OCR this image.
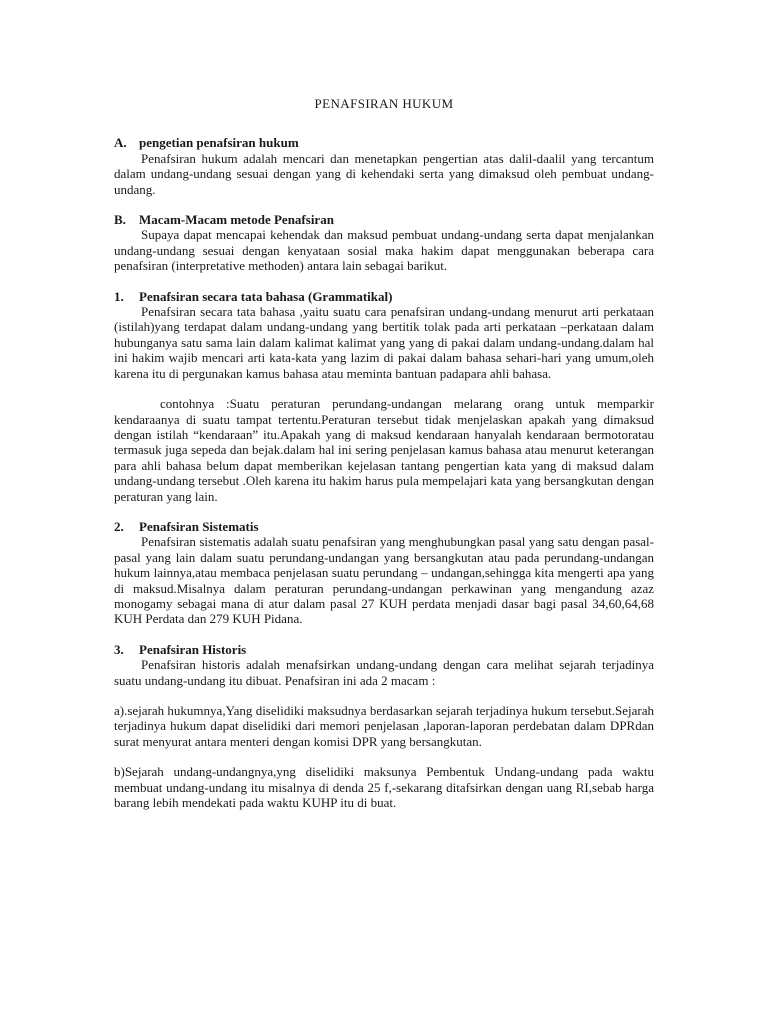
PENAFSIRAN HUKUM
A. pengetian penafsiran hukum

Penafsiran hukum adalah mencari dan menetapkan pengertian atas dalil-daalil yang tercantum dalam undang-undang sesuai dengan yang di kehendaki serta yang dimaksud oleh pembuat undang-undang.

B.	Macam-Macam metode Penafsiran

Supaya dapat mencapai kehendak dan maksud pembuat undang-undang serta dapat menjalankan undang-undang sesuai dengan kenyataan sosial maka hakim dapat menggunakan beberapa cara penafsiran (interpretative methoden) antara lain sebagai barikut.

1.	Penafsiran secara tata bahasa (Grammatikal)

Penafsiran secara tata bahasa ,yaitu suatu cara penafsiran undang-undang menurut arti perkataan (istilah)yang terdapat dalam undang-undang yang bertitik tolak pada arti perkataan –perkataan dalam hubunganya satu sama lain dalam kalimat kalimat yang yang di pakai dalam undang-undang.dalam hal ini hakim wajib mencari arti kata-kata yang lazim di pakai dalam bahasa sehari-hari yang umum,oleh karena itu di pergunakan kamus bahasa atau meminta bantuan padapara ahli bahasa.

contohnya :Suatu peraturan perundang-undangan melarang orang untuk memparkir kendaraanya di suatu tampat tertentu.Peraturan tersebut tidak menjelaskan apakah yang dimaksud dengan istilah “kendaraan” itu.Apakah yang di maksud kendaraan hanyalah kendaraan bermotoratau termasuk juga sepeda dan bejak.dalam hal ini sering penjelasan kamus bahasa atau menurut keterangan para ahli bahasa belum dapat memberikan kejelasan tantang pengertian kata yang di maksud dalam undang-undang tersebut .Oleh karena itu hakim harus pula mempelajari kata yang bersangkutan dengan peraturan yang lain.

2.	Penafsiran Sistematis

Penafsiran sistematis adalah suatu penafsiran yang menghubungkan pasal yang satu dengan pasal-pasal yang lain dalam suatu perundang-undangan yang bersangkutan atau pada perundang-undangan hukum lainnya,atau membaca penjelasan suatu perundang – undangan,sehingga kita mengerti apa yang di maksud.Misalnya dalam peraturan perundang-undangan perkawinan yang mengandung azaz monogamy sebagai mana di atur dalam pasal 27 KUH perdata menjadi dasar bagi pasal 34,60,64,68 KUH Perdata dan 279 KUH Pidana.

3.	Penafsiran Historis

Penafsiran historis adalah menafsirkan undang-undang dengan cara melihat sejarah terjadinya suatu undang-undang itu dibuat. Penafsiran ini ada 2 macam :

a).sejarah hukumnya,Yang diselidiki maksudnya berdasarkan sejarah terjadinya hukum tersebut.Sejarah terjadinya hukum dapat diselidiki dari memori penjelasan ,laporan-laporan perdebatan dalam DPRdan surat menyurat antara menteri dengan komisi DPR yang bersangkutan.

b)Sejarah undang-undangnya,yng diselidiki maksunya Pembentuk Undang-undang pada waktu membuat undang-undang itu misalnya di denda 25 f,-sekarang ditafsirkan dengan uang RI,sebab harga barang lebih mendekati pada waktu KUHP itu di buat.
